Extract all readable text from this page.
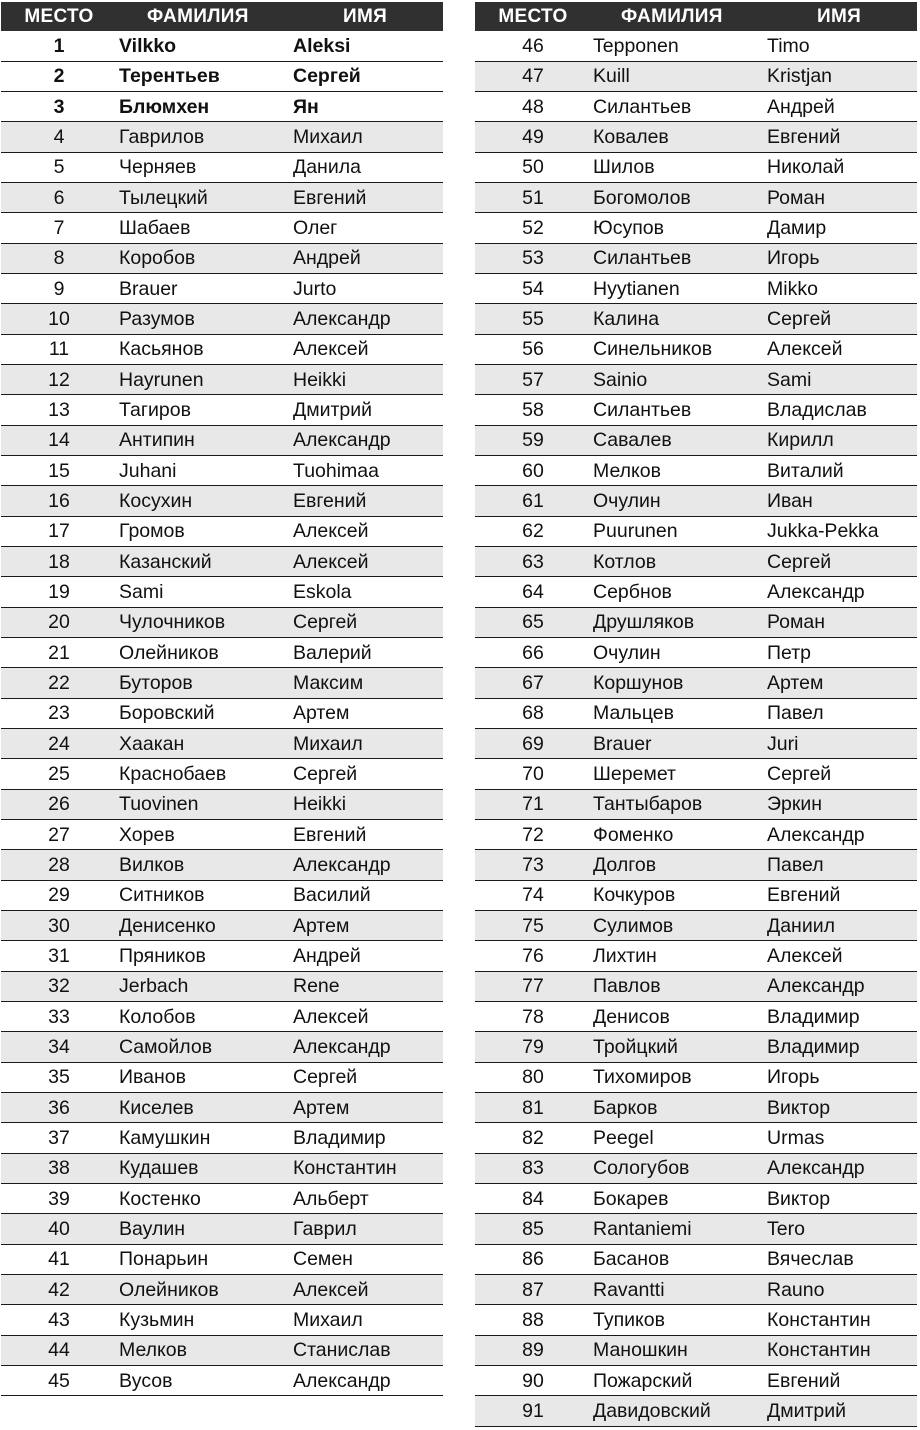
МЕСТО	ФАМИЛИЯ	ИМЯ
1	Vilkko	Aleksi
2	Терентьев	Сергей
3	Блюмхен	Ян
4	Гаврилов	Михаил
5	Черняев	Данила
6	Тылецкий	Евгений
7	Шабаев	Олег
8	Коробов	Андрей
9	Brauer	Jurto
10	Разумов	Александр
11	Касьянов	Алексей
12	Hayrunen	Heikki
13	Тагиров	Дмитрий
14	Антипин	Александр
15	Juhani	Tuohimaa
16	Косухин	Евгений
17	Громов	Алексей
18	Казанский	Алексей
19	Sami	Eskola
20	Чулочников	Сергей
21	Олейников	Валерий
22	Буторов	Максим
23	Боровский	Артем
24	Хаакан	Михаил
25	Краснобаев	Сергей
26	Tuovinen	Heikki
27	Хорев	Евгений
28	Вилков	Александр
29	Ситников	Василий
30	Денисенко	Артем
31	Пряников	Андрей
32	Jerbach	Rene
33	Колобов	Алексей
34	Самойлов	Александр
35	Иванов	Сергей
36	Киселев	Артем
37	Камушкин	Владимир
38	Кудашев	Константин
39	Костенко	Альберт
40	Ваулин	Гаврил
41	Понарьин	Семен
42	Олейников	Алексей
43	Кузьмин	Михаил
44	Мелков	Станислав
45	Вусов	Александр
МЕСТО	ФАМИЛИЯ	ИМЯ
46	Tepponen	Timo
47	Kuill	Kristjan
48	Силантьев	Андрей
49	Ковалев	Евгений
50	Шилов	Николай
51	Богомолов	Роман
52	Юсупов	Дамир
53	Силантьев	Игорь
54	Hyytianen	Mikko
55	Калина	Сергей
56	Синельников	Алексей
57	Sainio	Sami
58	Силантьев	Владислав
59	Савалев	Кирилл
60	Мелков	Виталий
61	Очулин	Иван
62	Puurunen	Jukka-Pekka
63	Котлов	Сергей
64	Сербнов	Александр
65	Друшляков	Роман
66	Очулин	Петр
67	Коршунов	Артем
68	Мальцев	Павел
69	Brauer	Juri
70	Шеремет	Сергей
71	Тантыбаров	Эркин
72	Фоменко	Александр
73	Долгов	Павел
74	Кочкуров	Евгений
75	Сулимов	Даниил
76	Лихтин	Алексей
77	Павлов	Александр
78	Денисов	Владимир
79	Тройцкий	Владимир
80	Тихомиров	Игорь
81	Барков	Виктор
82	Peegel	Urmas
83	Сологубов	Александр
84	Бокарев	Виктор
85	Rantaniemi	Tero
86	Басанов	Вячеслав
87	Ravantti	Rauno
88	Тупиков	Константин
89	Маношкин	Константин
90	Пожарский	Евгений
91	Давидовский	Дмитрий
